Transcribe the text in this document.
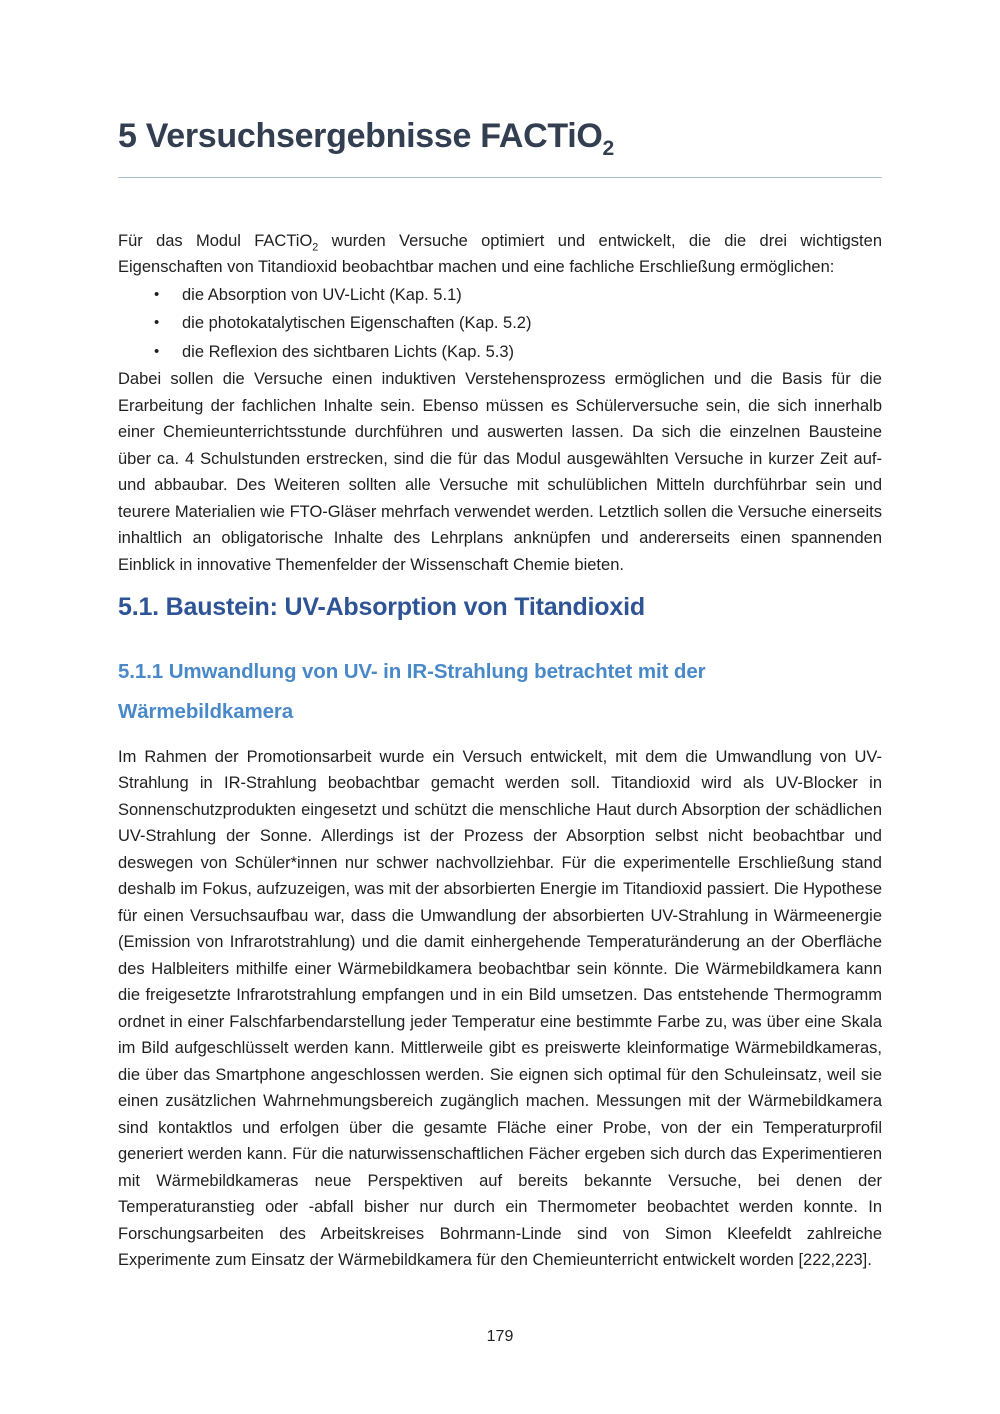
5 Versuchsergebnisse FACTiO$_2$

Für das Modul FACTiO$_2$ wurden Versuche optimiert und entwickelt, die die drei wichtigsten Eigenschaften von Titandioxid beobachtbar machen und eine fachliche Erschließung ermöglichen:

• die Absorption von UV-Licht (Kap. 5.1)
• die photokatalytischen Eigenschaften (Kap. 5.2)
• die Reflexion des sichtbaren Lichts (Kap. 5.3)

Dabei sollen die Versuche einen induktiven Verstehensprozess ermöglichen und die Basis für die Erarbeitung der fachlichen Inhalte sein. Ebenso müssen es Schülerversuche sein, die sich innerhalb einer Chemieunterrichtsstunde durchführen und auswerten lassen. Da sich die einzelnen Bausteine über ca. 4 Schulstunden erstrecken, sind die für das Modul ausgewählten Versuche in kurzer Zeit auf- und abbaubar. Des Weiteren sollten alle Versuche mit schulüblichen Mitteln durchführbar sein und teurere Materialien wie FTO-Gläser mehrfach verwendet werden. Letztlich sollen die Versuche einerseits inhaltlich an obligatorische Inhalte des Lehrplans anknüpfen und andererseits einen spannenden Einblick in innovative Themenfelder der Wissenschaft Chemie bieten.

5.1. Baustein: UV-Absorption von Titandioxid
5.1.1 Umwandlung von UV- in IR-Strahlung betrachtet mit der Wärmebildkamera

Im Rahmen der Promotionsarbeit wurde ein Versuch entwickelt, mit dem die Umwandlung von UV-Strahlung in IR-Strahlung beobachtbar gemacht werden soll. Titandioxid wird als UV-Blocker in Sonnenschutzprodukten eingesetzt und schützt die menschliche Haut durch Absorption der schädlichen UV-Strahlung der Sonne. Allerdings ist der Prozess der Absorption selbst nicht beobachtbar und deswegen von Schüler*innen nur schwer nachvollziehbar. Für die experimentelle Erschließung stand deshalb im Fokus, aufzuzeigen, was mit der absorbierten Energie im Titandioxid passiert. Die Hypothese für einen Versuchsaufbau war, dass die Umwandlung der absorbierten UV-Strahlung in Wärmeenergie (Emission von Infrarotstrahlung) und die damit einhergehende Temperaturänderung an der Oberfläche des Halbleiters mithilfe einer Wärmebildkamera beobachtbar sein könnte. Die Wärmebildkamera kann die freigesetzte Infrarotstrahlung empfangen und in ein Bild umsetzen. Das entstehende Thermogramm ordnet in einer Falschfarbendarstellung jeder Temperatur eine bestimmte Farbe zu, was über eine Skala im Bild aufgeschlüsselt werden kann. Mittlerweile gibt es preiswerte kleinformatige Wärmebildkameras, die über das Smartphone angeschlossen werden. Sie eignen sich optimal für den Schuleinsatz, weil sie einen zusätzlichen Wahrnehmungsbereich zugänglich machen. Messungen mit der Wärmebildkamera sind kontaktlos und erfolgen über die gesamte Fläche einer Probe, von der ein Temperaturprofil generiert werden kann. Für die naturwissenschaftlichen Fächer ergeben sich durch das Experimentieren mit Wärmebildkameras neue Perspektiven auf bereits bekannte Versuche, bei denen der Temperaturanstieg oder -abfall bisher nur durch ein Thermometer beobachtet werden konnte. In Forschungsarbeiten des Arbeitskreises Bohrmann-Linde sind von Simon Kleefeldt zahlreiche Experimente zum Einsatz der Wärmebildkamera für den Chemieunterricht entwickelt worden [222,223].

179
